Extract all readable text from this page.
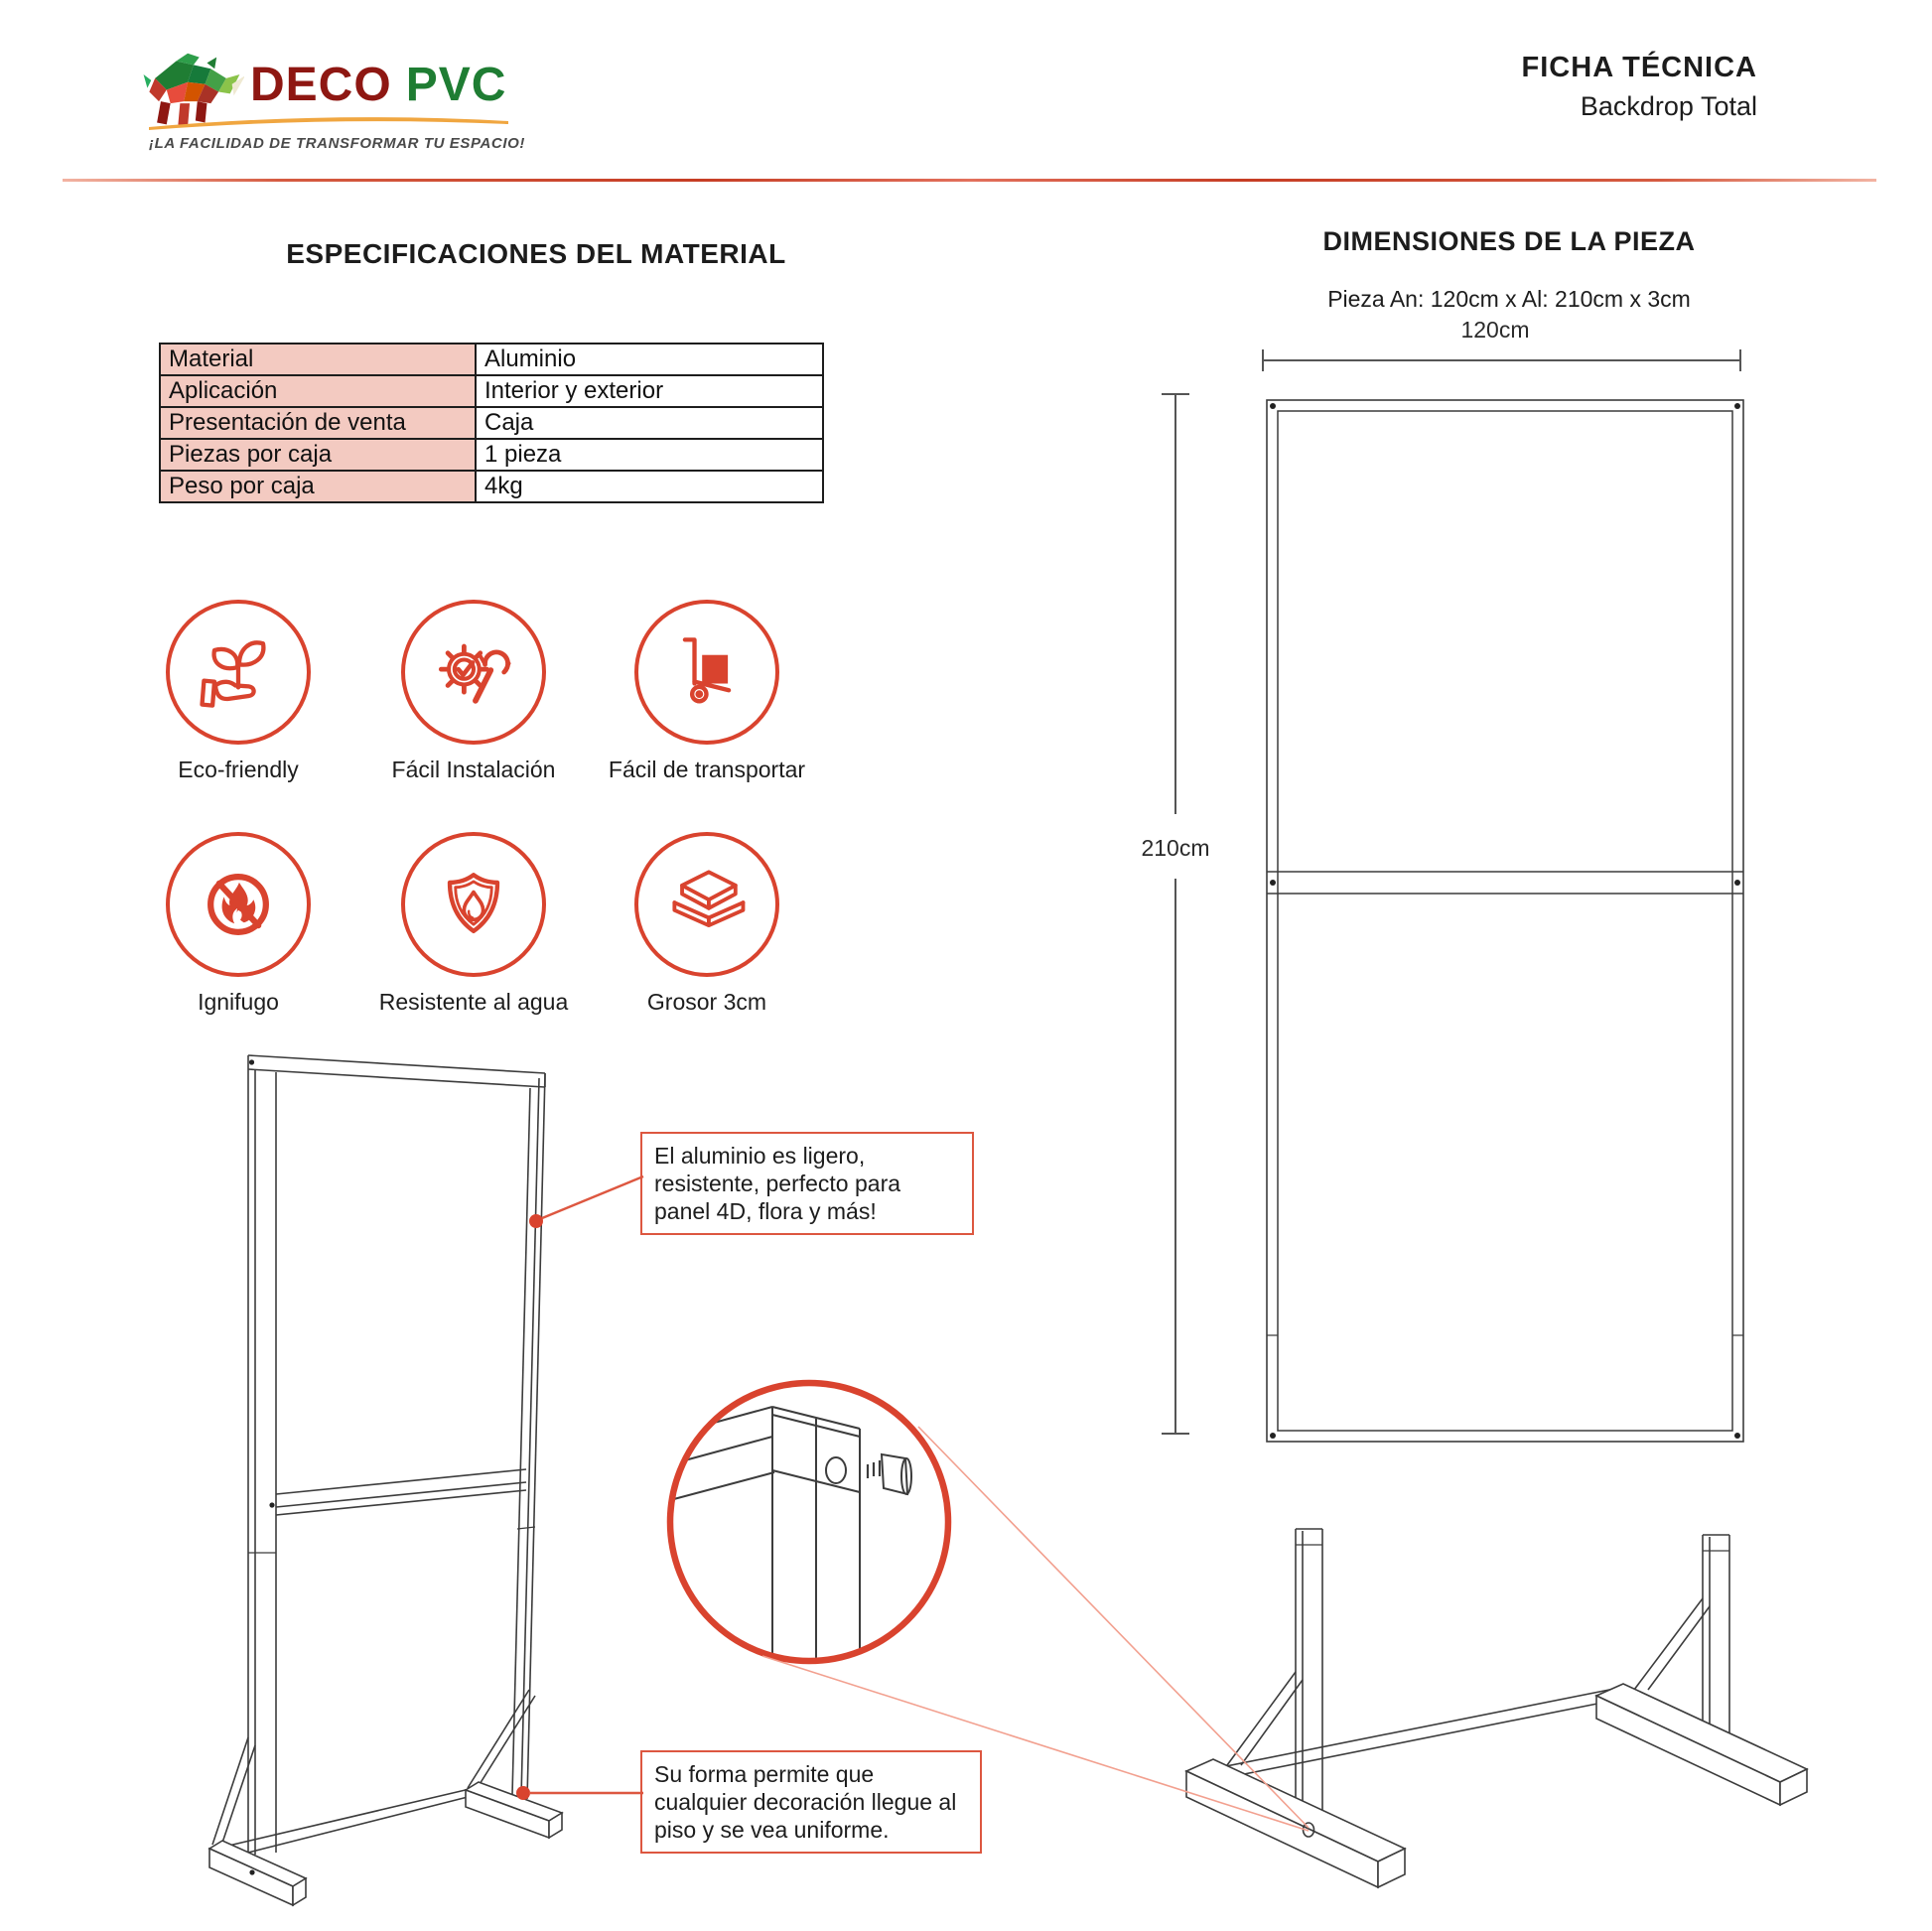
DECO PVC
¡LA FACILIDAD DE TRANSFORMAR TU ESPACIO!
FICHA TÉCNICA
Backdrop Total
ESPECIFICACIONES DEL MATERIAL
Material	Aluminio
Aplicación	Interior y exterior
Presentación de venta	Caja
Piezas por caja	1 pieza
Peso por caja	4kg
Eco-friendly	Fácil Instalación	Fácil de transportar
Ignifugo	Resistente al agua	Grosor 3cm
DIMENSIONES DE LA PIEZA
Pieza An: 120cm x Al: 210cm x 3cm
120cm
210cm
El aluminio es ligero, resistente, perfecto para panel 4D, flora y más!
Su forma permite que cualquier decoración llegue al piso y se vea uniforme.
